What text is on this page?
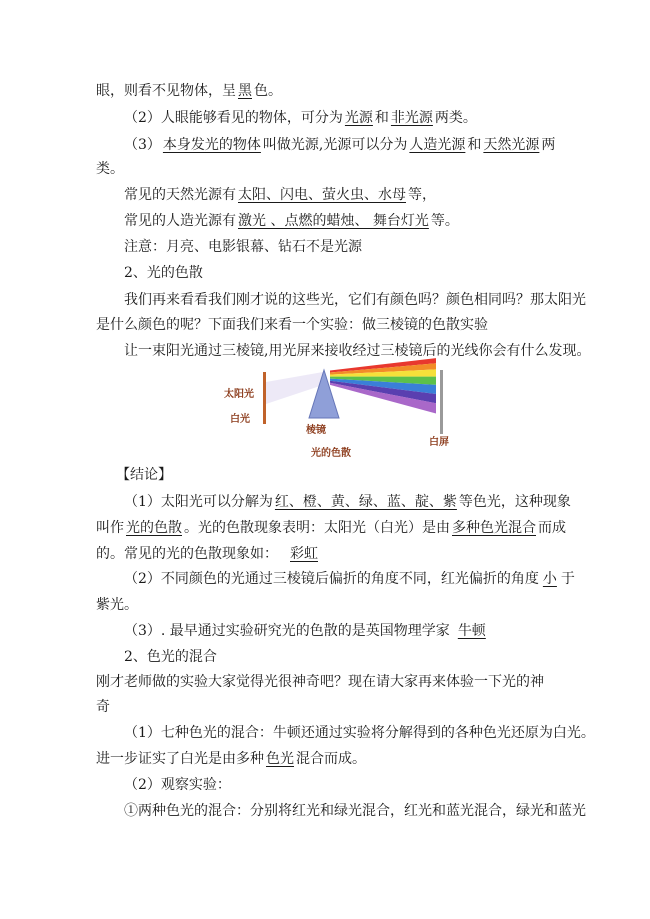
眼，则看不见物体，呈 黑 色。
（2）人眼能够看见的物体，可分为 光源 和 非光源 两类。
（3） 本身发光的物体 叫做光源,光源可以分为 人造光源 和 天然光源 两
类。
常见的天然光源有 太阳、闪电、萤火虫、水母 等，
常见的人造光源有 激光 、点燃的蜡烛、 舞台灯光 等。
注意：月亮、电影银幕、钻石不是光源
2、光的色散
我们再来看看我们刚才说的这些光，它们有颜色吗？颜色相同吗？那太阳光
是什么颜色的呢？下面我们来看一个实验：做三棱镜的色散实验
让一束阳光通过三棱镜,用光屏来接收经过三棱镜后的光线你会有什么发现。
太阳光
白光
棱镜
白屏
光的色散
【结论】
（1）太阳光可以分解为 红、橙、黄、绿、蓝、靛、紫 等色光，这种现象
叫作 光的色散 。光的色散现象表明：太阳光（白光）是由 多种色光混合 而成
的。常见的光的色散现象如： 彩虹
（2）不同颜色的光通过三棱镜后偏折的角度不同，红光偏折的角度 小 于
紫光。
（3）. 最早通过实验研究光的色散的是英国物理学家 牛顿
2、色光的混合
刚才老师做的实验大家觉得光很神奇吧？现在请大家再来体验一下光的神
奇
（1）七种色光的混合：牛顿还通过实验将分解得到的各种色光还原为白光。
进一步证实了白光是由多种 色光 混合而成。
（2）观察实验：
①两种色光的混合：分别将红光和绿光混合，红光和蓝光混合，绿光和蓝光
